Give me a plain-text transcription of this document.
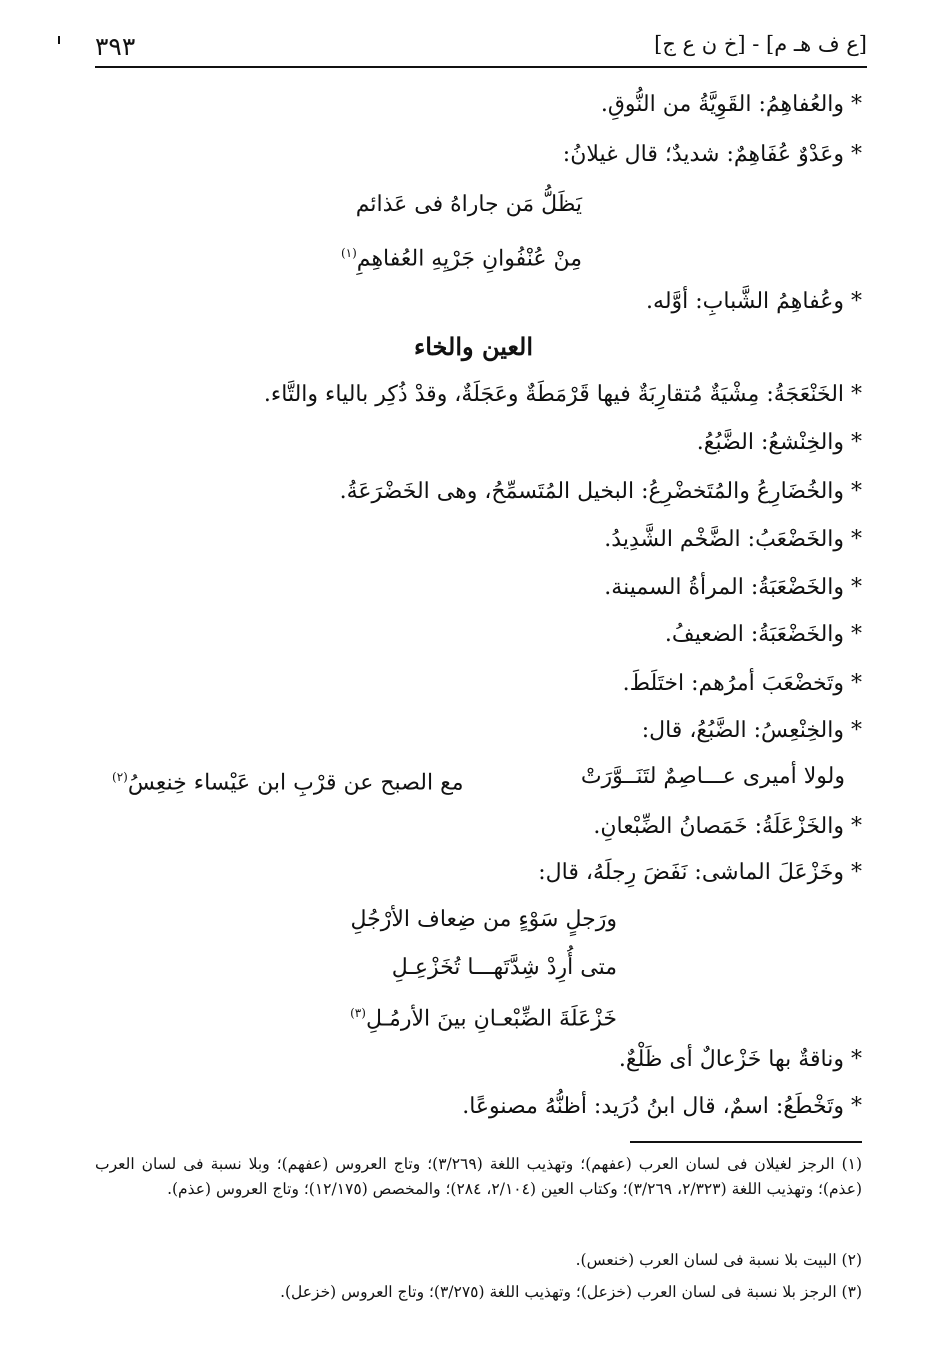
[ع ف هـ م] - [خ ن ع ج]
٣٩٣
* والعُفاهِمُ: القَوِيَّةُ من النُّوقِ.
* وعَدْوٌ عُفَاهِمٌ: شديدٌ؛ قال غيلانُ:
يَظَلُّ مَن جاراهُ فى عَذائم
مِنْ عُنْفُوانِ جَرْيِهِ العُفاهِمِ$^{(١)}$
* وعُفاهِمُ الشَّبابِ: أوَّله.
العين والخاء
* الخَنْعَجَةُ: مِشْيَةٌ مُتقارِبَةٌ فيها قَرْمَطَةٌ وعَجَلَةٌ، وقدْ ذُكِر بالياء والتَّاء.
* والخِنْشعُ: الضَّبُعُ.
* والخُضَارِعُ والمُتَخضْرِعُ: البخيل المُتَسمِّحُ، وهى الخَضْرَعَةُ.
* والخَضْعَبُ: الضَّخْم الشَّدِيدُ.
* والخَضْعَبَةُ: المرأةُ السمينة.
* والخَضْعَبَةُ: الضعيفُ.
* وتَخضْعَبَ أمرُهم: اختَلَطَ.
* والخِنْعِسُ: الضَّبُعُ، قال:
ولولا أميرى عـــاصِمٌ لتَنَــوَّرَتْ
مع الصبح عن قرْبِ ابن عَيْساء خِنعِسُ$^{(٢)}$
* والخَزْعَلَةُ: خَمَصانُ الضِّبْعانِ.
* وخَزْعَلَ الماشى: نَفَضَ رِجلَهُ، قال:
ورَجلٍ سَوْءٍ من ضِعاف الأرْجُلِ
متى أُرِدْ شِدَّتَهـــا تُخَزْعِـلِ
خَزْعَلَةَ الضِّبْعـانِ بينَ الأرمُـلِ$^{(٣)}$
* وناقةٌ بها خَزْعالٌ أى ظَلْعٌ.
* وتَخْطَعُ: اسمٌ، قال ابنُ دُرَيد: أظنُّهُ مصنوعًا.
(١) الرجز لغيلان فى لسان العرب (عفهم)؛ وتهذيب اللغة (٣/٢٦٩)؛ وتاج العروس (عفهم)؛ وبلا نسبة فى لسان العرب (عذم)؛ وتهذيب اللغة (٢/٣٢٣، ٣/٢٦٩)؛ وكتاب العين (٢/١٠٤، ٢٨٤)؛ والمخصص (١٢/١٧٥)؛ وتاج العروس (عذم).
(٢) البيت بلا نسبة فى لسان العرب (خنعس).
(٣) الرجز بلا نسبة فى لسان العرب (خزعل)؛ وتهذيب اللغة (٣/٢٧٥)؛ وتاج العروس (خزعل).
